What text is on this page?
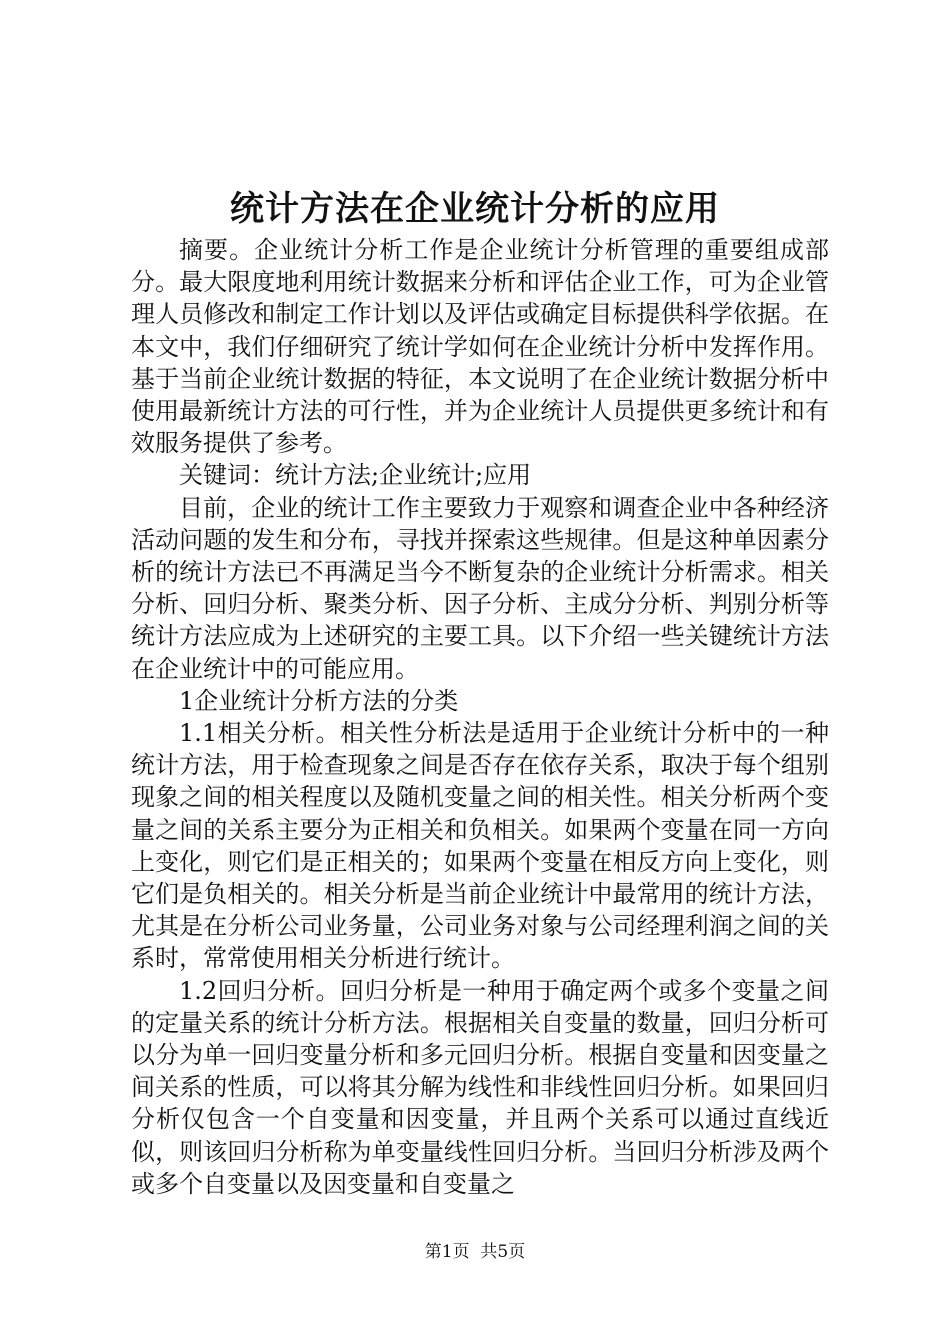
统计方法在企业统计分析的应用

摘要。企业统计分析工作是企业统计分析管理的重要组成部分。最大限度地利用统计数据来分析和评估企业工作，可为企业管理人员修改和制定工作计划以及评估或确定目标提供科学依据。在本文中，我们仔细研究了统计学如何在企业统计分析中发挥作用。基于当前企业统计数据的特征，本文说明了在企业统计数据分析中使用最新统计方法的可行性，并为企业统计人员提供更多统计和有效服务提供了参考。

关键词：统计方法;企业统计;应用

目前，企业的统计工作主要致力于观察和调查企业中各种经济活动问题的发生和分布，寻找并探索这些规律。但是这种单因素分析的统计方法已不再满足当今不断复杂的企业统计分析需求。相关分析、回归分析、聚类分析、因子分析、主成分分析、判别分析等统计方法应成为上述研究的主要工具。以下介绍一些关键统计方法在企业统计中的可能应用。

1企业统计分析方法的分类

1.1相关分析。相关性分析法是适用于企业统计分析中的一种统计方法，用于检查现象之间是否存在依存关系，取决于每个组别现象之间的相关程度以及随机变量之间的相关性。相关分析两个变量之间的关系主要分为正相关和负相关。如果两个变量在同一方向上变化，则它们是正相关的；如果两个变量在相反方向上变化，则它们是负相关的。相关分析是当前企业统计中最常用的统计方法，尤其是在分析公司业务量，公司业务对象与公司经理利润之间的关系时，常常使用相关分析进行统计。

1.2回归分析。回归分析是一种用于确定两个或多个变量之间的定量关系的统计分析方法。根据相关自变量的数量，回归分析可以分为单一回归变量分析和多元回归分析。根据自变量和因变量之间关系的性质，可以将其分解为线性和非线性回归分析。如果回归分析仅包含一个自变量和因变量，并且两个关系可以通过直线近似，则该回归分析称为单变量线性回归分析。当回归分析涉及两个或多个自变量以及因变量和自变量之

第1页 共5页
